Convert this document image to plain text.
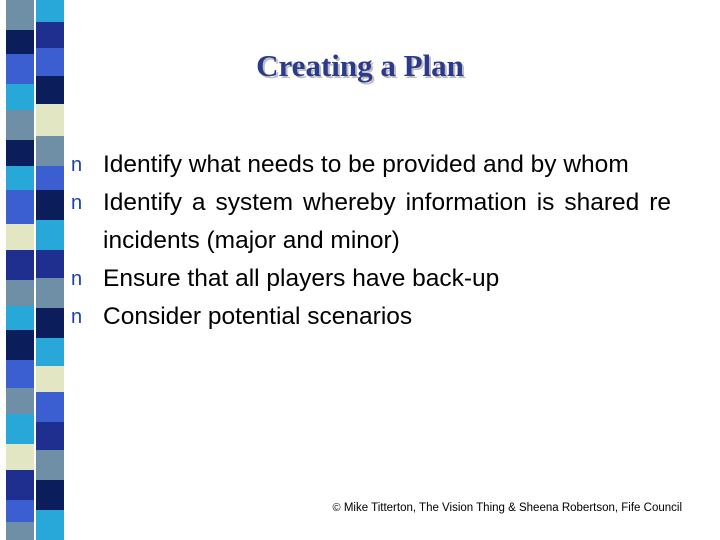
Creating a Plan
n Identify what needs to be provided and by whom
n Identify a system whereby information is shared re incidents (major and minor)
n Ensure that all players have back-up
n Consider potential scenarios
© Mike Titterton, The Vision Thing & Sheena Robertson, Fife Council
